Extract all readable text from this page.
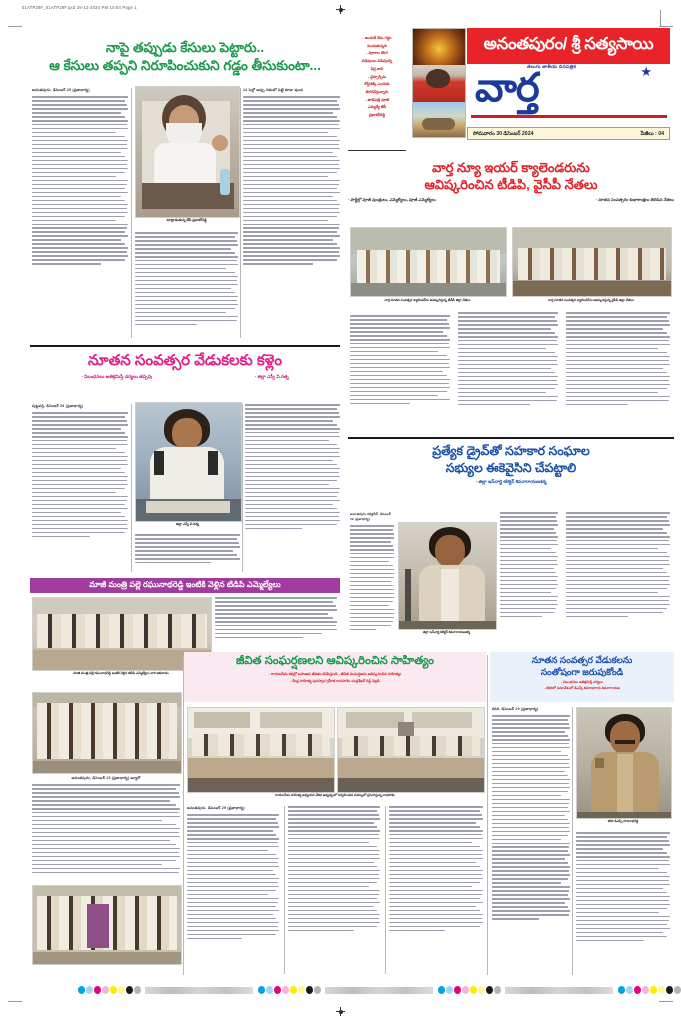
01ATP29F_01ATP29F.qxd 29-12-2024 PM 10:54 Page 1
అనంతపురం/ శ్రీ సత్యసాయి
తెలుగు జాతీయ దినపత్రిక	★
వార్త
సోమవారం 30 డిసెంబర్ 2024	పేజీలు : 04
- అందుకే నేను గడ్డం
పెంచుతున్నది
- వూరాల దొంగ
విడివుులు విడివుుల్ని
పేర్ల వావి
- వైస్సార్సీను
కోర్టుకెక్కి ఎందుకు
తిరగవేస్తున్నారు
- తాడిపత్రి వూజీ
ఎమ్మెల్యే జేసీ
ప్రభాకర్‌రెడ్డి
నాపై తప్పుడు కేసులు పెట్టారు..
ఆ కేసులు తప్పని నిరూపించుకుని గడ్డం తీసుకుంటా...
మాట్లాడుతున్న జేసీ ప్రభాకర్‌రెడ్డి
అనంతపురం, డిసెంబర్ 29 (ప్రజాధార్య)	12 సెల్లో అప్పు గతంలో పెట్టే కూడా వుండ
వార్త న్యూ ఇయర్ క్యాలెండరును
ఆవిష్కరించిన టీడిపి, వైసీపీ నేతలు
- పార్టీల్లో వూజీ వుంత్రులు, ఎమ్మెల్యేలు, వూజీ ఎమ్మెల్యేలు	- నూతన సంవత్సరం శుభాకాంక్షలు తెలిపిన నేతలు
వార్త నూతన సంవత్సర క్యాలెండర్‌ను ఆవిష్కరిస్తున్న టీడీపీ జిల్లా నేతలు	వార్త నూతన సంవత్సర క్యాలెండర్‌ను ఆవిష్కరిస్తున్న వైసీపీ జిల్లా నేతలు
నూతన సంవత్సర వేడుకలకు కళ్లెం
- నిబంధనలు అతిక్రమిస్తే చర్యలు తప్పవు	- జిల్లా ఎస్పీ వి.రత్న
జిల్లా ఎస్పీ వి.రత్న
పుట్టపర్తి, డిసెంబర్ 29 (ప్రజాధార్య)
ప్రత్యేక డ్రైవ్‌తో సహకార సంఘాల
సభ్యుల ఈకెవైసిని చేపట్టాలి
- జిల్లా ఇన్‌చార్జి కలెక్టర్ శివనారాయణశర్మ
జిల్లా ఇన్‌చార్జి కలెక్టర్ శివనారాయణశర్మ
అనంతపురం కలెక్టరేట్, డిసెంబర్ 29 (ప్రజాధార్య)
మాజీ మంత్రి పల్లె రఘునాథరెడ్డి ఇంటికి వెళ్లిన టిడిపి ఎమ్మెల్యేలు
మాజీ మంత్రి పల్లె రఘునాథరెడ్డి ఇంటికి వెళ్లిన టిడిపి ఎమ్మెల్యేలు వారి అభివాదం
జీవిత సంఘర్షణలని ఆవిష్కరించిన సాహిత్యం
- రాయలసీమ కథల్లో బహుజన జీవితం కనిపిస్తుంది - జీవిత సంఘర్షణను ఆవిష్కరించిన సాహిత్యం
- కేంద్ర సాహిత్య పురస్కార గ్రహీత రాచపాళెం చంద్రశేఖర్ రెడ్డి వెల్లడి
రాయలసీమ సాహిత్య అధ్యయన వేదిక ఆధ్వర్యంలో నిర్వహించిన సదస్సులో ప్రసంగిస్తున్న రాచపాళెం
అనంతపురం, డిసెంబర్ 29 (ప్రజాధార్య)
నూతన సంవత్సర వేడుకలను
సంతోషంగా జరుపుకోండి
- నిబంధనలు అతిక్రమిస్తే చర్యలు
- కదిరిలో సమావేశంలో డిఎస్పీ శివరాజుగారు శివనారాయణ
కదిరి డిఎస్పీ హరినాథరెడ్డి
కదిరి, డిసెంబర్ 29 (ప్రజాధార్య)
అనంతపురం, డిసెంబర్ 29 (ప్రజాధార్య) బ్యూరో
